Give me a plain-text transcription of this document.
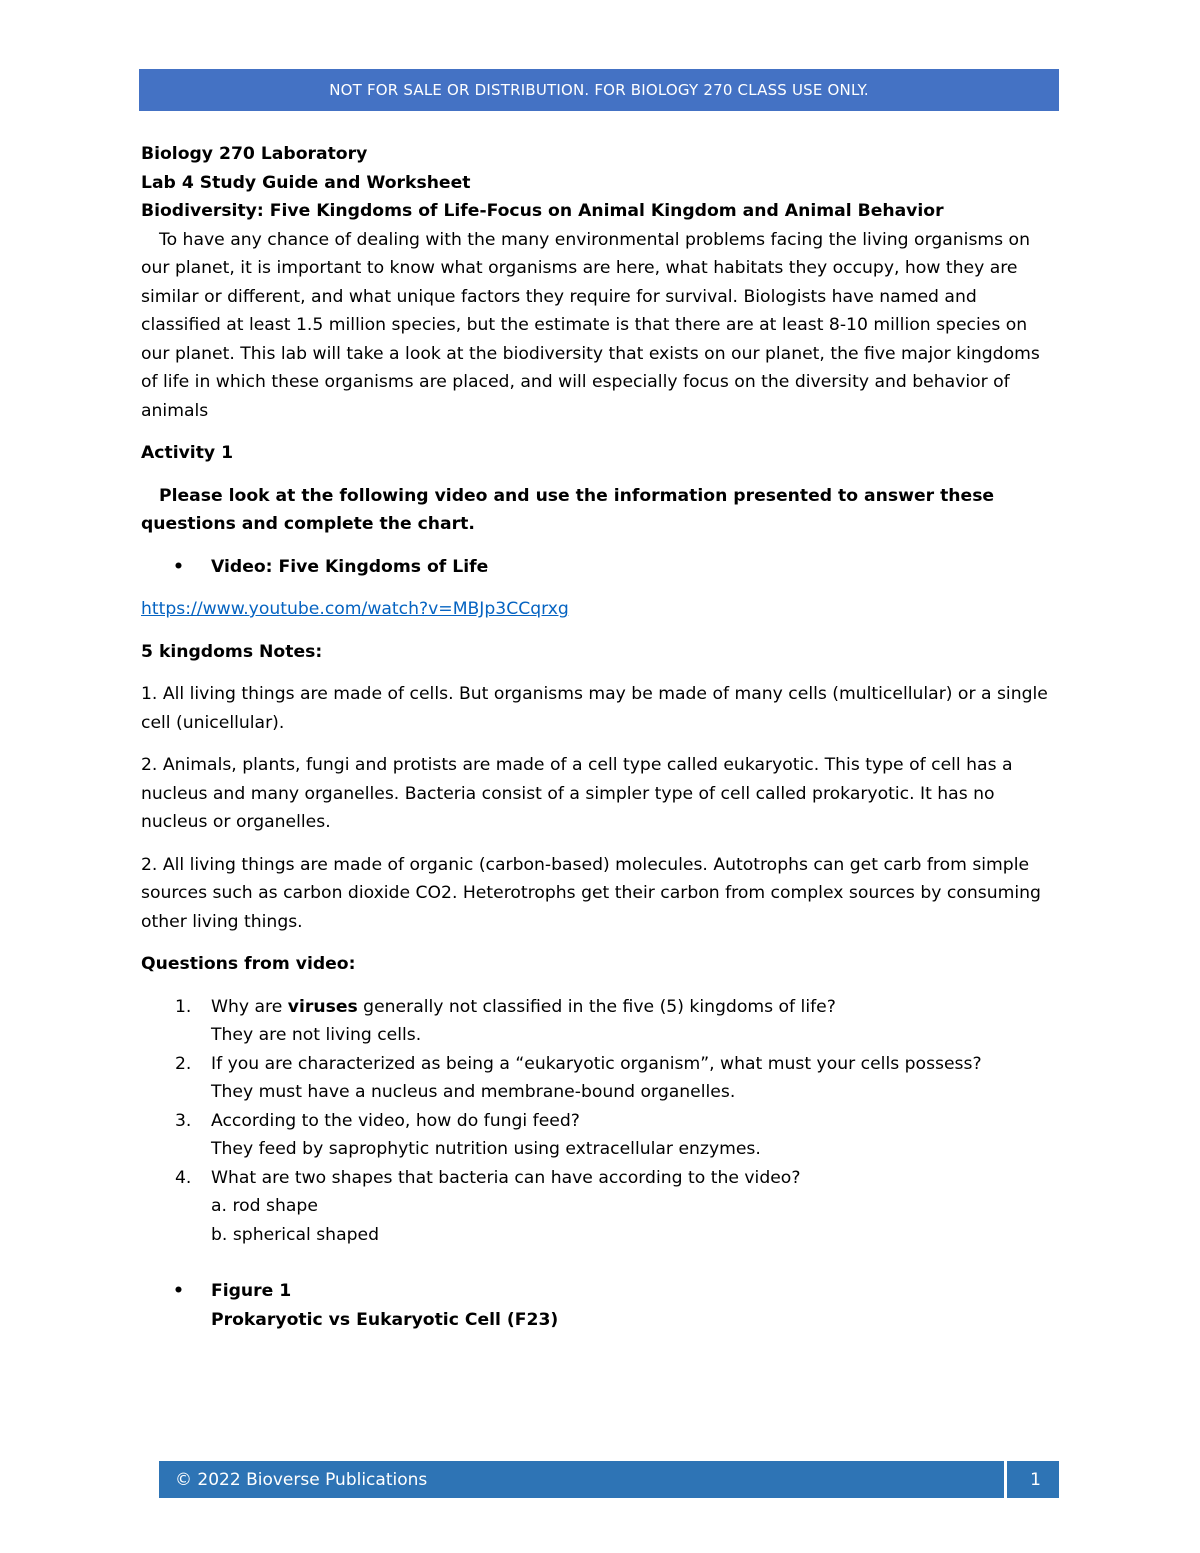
NOT FOR SALE OR DISTRIBUTION. FOR BIOLOGY 270 CLASS USE ONLY.
Biology 270 Laboratory
Lab 4 Study Guide and Worksheet
Biodiversity: Five Kingdoms of Life-Focus on Animal Kingdom and Animal Behavior

To have any chance of dealing with the many environmental problems facing the living organisms on our planet, it is important to know what organisms are here, what habitats they occupy, how they are similar or different, and what unique factors they require for survival. Biologists have named and classified at least 1.5 million species, but the estimate is that there are at least 8-10 million species on our planet. This lab will take a look at the biodiversity that exists on our planet, the five major kingdoms of life in which these organisms are placed, and will especially focus on the diversity and behavior of animals

Activity 1
Please look at the following video and use the information presented to answer these questions and complete the chart.
•	Video: Five Kingdoms of Life
https://www.youtube.com/watch?v=MBJp3CCqrxg
5 kingdoms Notes:
1. All living things are made of cells. But organisms may be made of many cells (multicellular) or a single cell (unicellular).
2. Animals, plants, fungi and protists are made of a cell type called eukaryotic. This type of cell has a nucleus and many organelles. Bacteria consist of a simpler type of cell called prokaryotic. It has no nucleus or organelles.
2. All living things are made of organic (carbon-based) molecules. Autotrophs can get carb from simple sources such as carbon dioxide CO2. Heterotrophs get their carbon from complex sources by consuming other living things.
Questions from video:
1.	Why are viruses generally not classified in the five (5) kingdoms of life?
They are not living cells.
2.	If you are characterized as being a “eukaryotic organism”, what must your cells possess?
They must have a nucleus and membrane-bound organelles.
3.	According to the video, how do fungi feed?
They feed by saprophytic nutrition using extracellular enzymes.
4.	What are two shapes that bacteria can have according to the video?
a. rod shape
b. spherical shaped
•	Figure 1
Prokaryotic vs Eukaryotic Cell (F23)
© 2022 Bioverse Publications	1
